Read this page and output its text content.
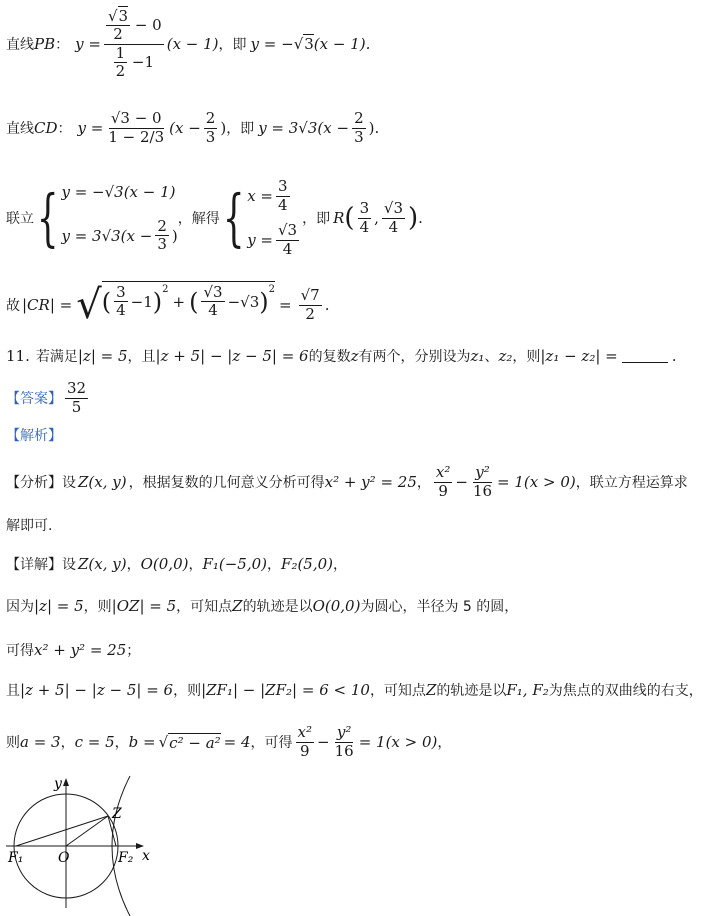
直线 PB ： $y = \frac{\frac{√3}{2} - 0}{\frac{1}{2} -1} (x - 1)$ ，即 y = − √3 (x − 1).
直线 CD ： $y = \frac{√3 - 0}{1 - 2/3} (x - \frac{2}{3}$ ) ，即 y = 3√3 ($x - \frac{2}{3}$ ) .
联立 { y = −√3(x − 1)
$y = 3√3(x - \frac{2}{3}$ )
，解得 { $x = \frac{3}{4}$
$y = \frac{√3}{4}$
，即 R ( $\frac{3}{4}$ , $\frac{√3}{4}$ ) .
故 |CR| = √ ( $\frac{3}{4} -1$ )$^2$
+ ( $\frac{√3}{4} -√3$ )$^2$
= $\frac{√7}{2}$ .
11. 若满足 |z| = 5 ，且 |z + 5| − |z − 5| = 6 的复数 z 有两个，分别设为 z₁ 、 z₂ ，则 |z₁ − z₂| =	.
【答案】 $\frac{32}{5}$
【解析】
【分析】 设 Z(x, y) ，根据复数的几何意义分析可得 x² + y² = 25 ， $\frac{\text{x²}}{9} - \frac{\text{y²}}{16} = 1(x > 0)$ ，联立方程运算求
解即可.
【详解】 设 Z(x, y) ， O(0,0) ， F₁(−5,0) ， F₂(5,0) ，
因为 |z| = 5 ，则 |OZ| = 5 ，可知点 Z 的轨迹是以 O(0,0) 为圆心，半径为 5 的圆，
可得 x² + y² = 25 ；
且 |z + 5| − |z − 5| = 6 ，则 |ZF₁| − |ZF₂| = 6 < 10 ，可知点 Z 的轨迹是以 F₁, F₂ 为焦点的双曲线的右支，
则 a = 3 ， c = 5 ， b = √ c² − a² = 4 ，可得 $\frac{\text{x²}}{9} - \frac{\text{y²}}{16} = 1(x > 0)$ ，
y
x
Z
O
F₁	F₂
